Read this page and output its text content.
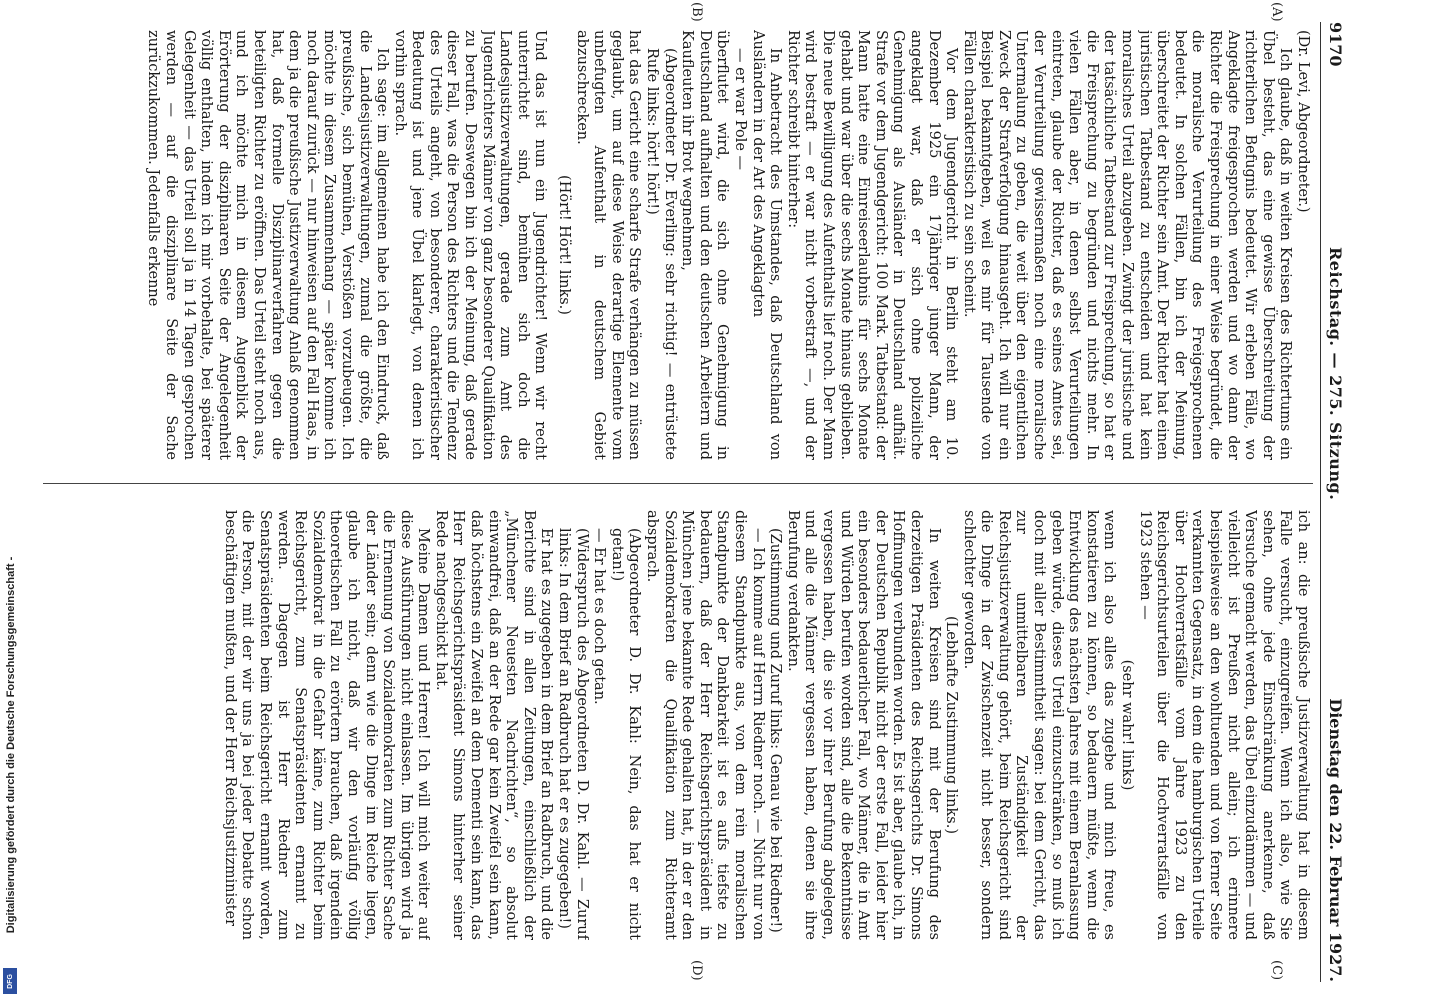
Digitalisierung gefördert durch die Deutsche Forschungsgemeinschaft -
DFG
9170
Reichstag. — 275. Sitzung.
Dienstag den 22. Februar 1927.
(A)
(B)
(C)
(D)

(Dr. Levi, Abgeordneter.)

Ich glaube, daß in weiten Kreisen des Richtertums ein Übel besteht, das eine gewisse Überschreitung der richterlichen Befugnis bedeutet. Wir erleben Fälle, wo Angeklagte freigesprochen werden und wo dann der Richter die Freisprechung in einer Weise begründet, die die moralische Verurteilung des Freigesprochenen bedeutet. In solchen Fällen, bin ich der Meinung, überschreitet der Richter sein Amt. Der Richter hat einen juristischen Tatbestand zu entscheiden und hat kein moralisches Urteil abzugeben. Zwingt der juristische und der tatsächliche Tatbestand zur Freisprechung, so hat er die Freisprechung zu begründen und nichts mehr. In vielen Fällen aber, in denen selbst Verurteilungen eintreten, glaube der Richter, daß es seines Amtes sei, der Verurteilung gewissermaßen noch eine moralische Untermalung zu geben, die weit über den eigentlichen Zweck der Strafverfolgung hinausgeht. Ich will nur ein Beispiel bekanntgeben, weil es mir für Tausende von Fällen charakteristisch zu sein scheint.

Vor dem Jugendgericht in Berlin steht am 10. Dezember 1925 ein 17jähriger junger Mann, der angeklagt war, daß er sich ohne polizeiliche Genehmigung als Ausländer in Deutschland aufhält. Strafe vor dem Jugendgericht: 100 Mark. Tatbestand: der Mann hatte eine Einreiseerlaubnis für sechs Monate gehabt und war über die sechs Monate hinaus geblieben. Die neue Bewilligung des Aufenthalts lief noch. Der Mann wird bestraft — er war nicht vorbestraft —, und der Richter schreibt hinterher:

In Anbetracht des Umstandes, daß Deutschland von Ausländern in der Art des Angeklagten

— er war Pole —

überflutet wird, die sich ohne Genehmigung in Deutschland aufhalten und den deutschen Arbeitern und Kaufleuten ihr Brot wegnehmen,

(Abgeordneter Dr. Everling: sehr richtig! — entrüstete Rufe links: hört! hört!)

hat das Gericht eine scharfe Strafe verhängen zu müssen geglaubt, um auf diese Weise derartige Elemente vom unbefugten Aufenthalt in deutschem Gebiet abzuschrecken.

(Hört! Hört! links.)

Und das ist nun ein Jugendrichter! Wenn wir recht unterrichtet sind, bemühen sich doch die Landesjustizverwaltungen, gerade zum Amt des Jugendrichters Männer von ganz besonderer Qualifikation zu berufen. Deswegen bin ich der Meinung, daß gerade dieser Fall, was die Person des Richters und die Tendenz des Urteils angeht, von besonderer, charakteristischer Bedeutung ist und jene Übel klarlegt, von denen ich vorhin sprach.

Ich sage: im allgemeinen habe ich den Eindruck, daß die Landesjustizverwaltungen, zumal die größte, die preußische, sich bemühen, Verstößen vorzubeugen. Ich möchte in diesem Zusammenhang — später komme ich noch darauf zurück — nur hinweisen auf den Fall Haas, in dem ja die preußische Justizverwaltung Anlaß genommen hat, daß formelle Disziplinarverfahren gegen die beteiligten Richter zu eröffnen. Das Urteil steht noch aus, und ich möchte mich in diesem Augenblick der Erörterung der disziplinaren Seite der Angelegenheit völlig enthalten, indem ich mir vorbehalte, bei späterer Gelegenheit — das Urteil soll ja in 14 Tagen gesprochen werden — auf die disziplinare Seite der Sache zurückzukommen. Jedenfalls erkenne

ich an: die preußische Justizverwaltung hat in diesem Falle versucht, einzugreifen. Wenn ich also, wie Sie sehen, ohne jede Einschränkung anerkenne, daß Versuche gemacht werden, das Übel einzudämmen — und vielleicht ist Preußen nicht allein; ich erinnere beispielsweise an den wohltuenden und von ferner Seite verkannten Gegensatz, in dem die hamburgischen Urteile über Hochverratsfälle vom Jahre 1923 zu den Reichsgerichtsurteilen über die Hochverratsfälle von 1923 stehen —

(sehr wahr! links)

wenn ich also alles das zugebe und mich freue, es konstatieren zu können, so bedauern müßte, wenn die Entwicklung des nächsten Jahres mit einem Beranlassung geben würde, dieses Urteil einzuschränken, so muß ich doch mit aller Bestimmtheit sagen: bei dem Gericht, das zur unmittelbaren Zuständigkeit der Reichsjustizverwaltung gehört, beim Reichsgericht sind die Dinge in der Zwischenzeit nicht besser, sondern schlechter geworden.

(Lebhafte Zustimmung links.)

In weiten Kreisen sind mit der Berufung des derzeitigen Präsidenten des Reichsgerichts Dr. Simons Hoffnungen verbunden worden. Es ist aber, glaube ich, in der Deutschen Republik nicht der erste Fall, leider hier ein besonders bedauerlicher Fall, wo Männer, die in Amt und Würden berufen worden sind, alle die Bekenntnisse vergessen haben, die sie vor ihrer Berufung abgelegen, und alle die Männer vergessen haben, denen sie ihre Berufung verdankten.

(Zustimmung und Zuruf links: Genau wie bei Riedner!)

— Ich komme auf Herrn Riedner noch. — Nicht nur von diesem Standpunkte aus, von dem rein moralischen Standpunkte der Dankbarkeit ist es aufs tiefste zu bedauern, daß der Herr Reichsgerichtspräsident in München jene bekannte Rede gehalten hat, in der er den Sozialdemokraten die Qualifikation zum Richteramt absprach.

(Abgeordneter D. Dr. Kahl: Nein, das hat er nicht getan!)

— Er hat es doch getan.

(Widerspruch des Abgeordneten D. Dr. Kahl. — Zuruf links: In dem Brief an Radbruch hat er es zugegeben!)

Er hat es zugegeben in dem Brief an Radbruch, und die Berichte sind in allen Zeitungen, einschließlich der „Münchener Neuesten Nachrichten“, so absolut einwandfrei, daß an der Rede gar kein Zweifel sein kann, daß höchstens ein Zweifel an dem Dementi sein kann, das Herr Reichsgerichtspräsident Simons hinterher seiner Rede nachgeschickt hat.

Meine Damen und Herren! Ich will mich weiter auf diese Ausführungen nicht einlassen. Im übrigen wird ja die Ernennung von Sozialdemokraten zum Richter Sache der Länder sein; denn wie die Dinge im Reiche liegen, glaube ich nicht, daß wir den vorläufig völlig theoretischen Fall zu erörtern brauchen, daß irgendein Sozialdemokrat in die Gefahr käme, zum Richter beim Reichsgericht, zum Senatspräsidenten ernannt zu werden. Dagegen ist Herr Riedner zum Senatspräsidenten beim Reichsgericht ernannt worden, die Person, mit der wir uns ja bei jeder Debatte schon beschäftigen mußten, und der Herr Reichsjustizminister
